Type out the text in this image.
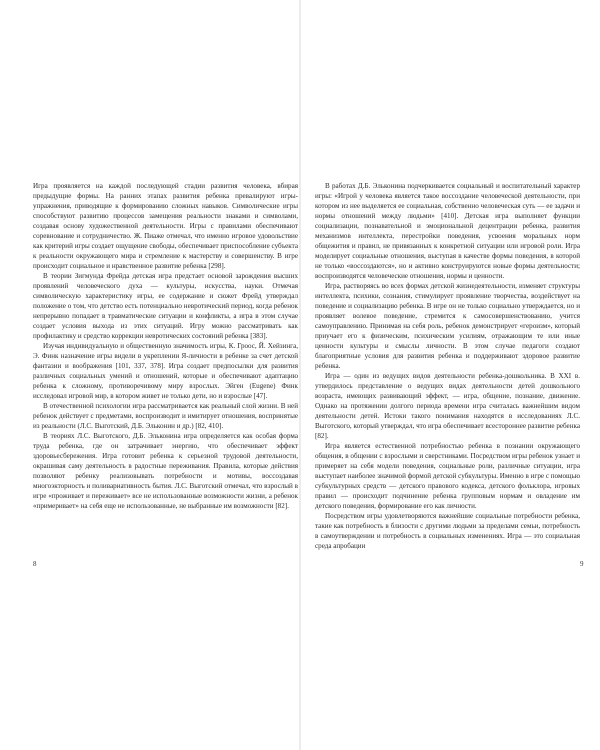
Игра проявляется на каждой последующей стадии развития человека, вбирая предыдущие формы. На ранних этапах развития ребенка превалируют игры-упражнения, приводящие к формированию сложных навыков. Символические игры способствуют развитию процессов замещения реальности знаками и символами, создавая основу художественной деятельности. Игры с правилами обеспечивают соревнование и сотрудничество. Ж. Пиаже отмечал, что именно игровое удовольствие как критерий игры создает ощущение свободы, обеспечивает приспособление субъекта к реальности окружающего мира и стремление к мастерству и совершенству. В игре происходит социальное и нравственное развитие ребенка [298].

В теории Зигмунда Фрейда детская игра предстает основой зарождения высших проявлений человеческого духа — культуры, искусства, науки. Отмечая символическую характеристику игры, ее содержание и сюжет Фрейд утверждал положение о том, что детство есть потенциально невротический период, когда ребенок непрерывно попадает в травматические ситуации и конфликты, а игра в этом случае создает условия выхода из этих ситуаций. Игру можно рассматривать как профилактику и средство коррекции невротических состояний ребенка [383].

Изучая индивидуальную и общественную значимость игры, К. Гроос, Й. Хейзинга, Э. Финк назначение игры видели в укреплении Я-личности в ребенке за счет детской фантазии и воображения [101, 337, 378]. Игра создает предпосылки для развития различных социальных умений и отношений, которые и обеспечивают адаптацию ребенка к сложному, противоречивому миру взрослых. Эйген (Eugene) Финк исследовал игровой мир, в котором живет не только дети, но и взрослые [47].

В отечественной психологии игра рассматривается как реальный слой жизни. В ней ребенок действует с предметами, воспроизводит и имитирует отношения, воспринятые из реальности (Л.С. Выготский, Д.Б. Эльконин и др.) [82, 410].

В теориях Л.С. Выготского, Д.Б. Эльконина игра определяется как особая форма труда ребенка, где он затрачивает энергию, что обеспечивает эффект здоровьесбережения. Игра готовит ребенка к серьезной трудовой деятельности, окрашивая саму деятельность в радостные переживания. Правила, которые действия позволяют ребенку реализовывать потребности и мотивы, воссоздавая многоэкторность и поливариативность бытия. Л.С. Выготский отмечал, что взрослый в игре «проживает и переживает» все не использованные возможности жизни, а ребенок «примеривает» на себя еще не использованные, не выбранные им возможности [82].

8

В работах Д.Б. Эльконина подчеркивается социальный и воспитательный характер игры: «Игрой у человека является такое воссоздание человеческой деятельности, при котором из нее выделяется ее социальная, собственно человеческая суть — ее задачи и нормы отношений между людьми» [410]. Детская игра выполняет функции социализации, познавательной и эмоциональной децентрации ребенка, развития механизмов интеллекта, перестройки поведения, усвоения моральных норм общежития и правил, не привязанных к конкретной ситуации или игровой роли. Игра моделирует социальные отношения, выступая в качестве формы поведения, в которой не только «воссоздаются», но и активно конструируются новые формы деятельности; воспроизводятся человеческие отношения, нормы и ценности.

Игра, растворяясь во всех формах детской жизнедеятельности, изменяет структуры интеллекта, психики, сознания, стимулирует проявление творчества, воздействует на поведение и социализацию ребенка. В игре он не только социально утверждается, но и проявляет волевое поведение, стремится к самосовершенствованию, учится самоуправлению. Принимая на себя роль, ребенок демонстрирует «героизм», который приучает его к физическим, психическим усилиям, отражающим те или иные ценности культуры и смыслы личности. В этом случае педагоги создают благоприятные условия для развития ребенка и поддерживают здоровое развитие ребенка.

Игра — один из ведущих видов деятельности ребенка-дошкольника. В XXI в. утвердилось представление о ведущих видах деятельности детей дошкольного возраста, имеющих развивающий эффект, — игра, общение, познание, движение. Однако на протяжении долгого периода времени игра считалась важнейшим видом деятельности детей. Истоки такого понимания находятся в исследованиях Л.С. Выготского, который утверждал, что игра обеспечивает всестороннее развитие ребенка [82].

Игра является естественной потребностью ребенка в познании окружающего общения, в общении с взрослыми и сверстниками. Посредством игры ребенок узнает и примеряет на себя модели поведения, социальные роли, различные ситуации, игра выступает наиболее значимой формой детской субкультуры. Именно в игре с помощью субкультурных средств — детского правового кодекса, детского фольклора, игровых правил — происходит подчинение ребенка групповым нормам и овладение им детского поведения, формирование его как личности.

Посредством игры удовлетворяются важнейшие социальные потребности ребенка, такие как потребность в близости с другими людьми за пределами семьи, потребность в самоутверждении и потребность в социальных изменениях. Игра — это социальная среда апробации

9
